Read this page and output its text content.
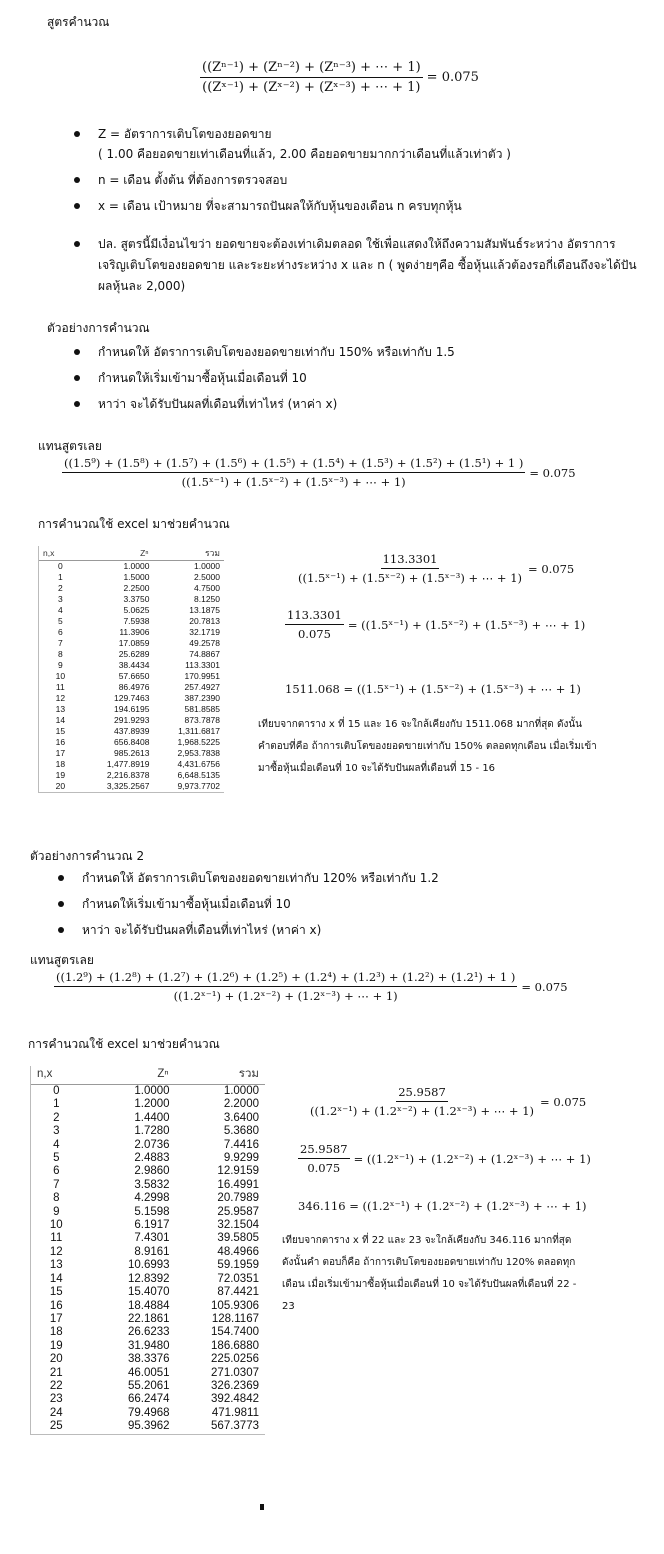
สูตรคำนวณ
$\frac{\text{((Zⁿ⁻¹) + (Zⁿ⁻²) + (Zⁿ⁻³) + ⋯ + 1)}}{\text{((Zˣ⁻¹) + (Zˣ⁻²) + (Zˣ⁻³) + ⋯ + 1)}} = 0.075$
Z = อัตราการเติบโตของยอดขาย
( 1.00 คือยอดขายเท่าเดือนที่แล้ว, 2.00 คือยอดขายมากกว่าเดือนที่แล้วเท่าตัว )
n = เดือน ตั้งต้น ที่ต้องการตรวจสอบ
x = เดือน เป้าหมาย ที่จะสามารถปันผลให้กับหุ้นของเดือน n ครบทุกหุ้น
ปล. สูตรนี้มีเงื่อนไขว่า ยอดขายจะต้องเท่าเดิมตลอด ใช้เพื่อแสดงให้ถึงความสัมพันธ์ระหว่าง อัตราการ
เจริญเติบโตของยอดขาย และระยะห่างระหว่าง x และ n ( พูดง่ายๆคือ ซื้อหุ้นแล้วต้องรอกี่เดือนถึงจะได้ปัน
ผลหุ้นละ 2,000)
ตัวอย่างการคำนวณ
กำหนดให้ อัตราการเติบโตของยอดขายเท่ากับ 150% หรือเท่ากับ 1.5
กำหนดให้เริ่มเข้ามาซื้อหุ้นเมื่อเดือนที่ 10
หาว่า จะได้รับปันผลที่เดือนที่เท่าไหร่ (หาค่า x)
แทนสูตรเลย
((1.5⁹) + (1.5⁸) + (1.5⁷) + (1.5⁶) + (1.5⁵) + (1.5⁴) + (1.5³) + (1.5²) + (1.5¹) + 1 )
((1.5ˣ⁻¹) + (1.5ˣ⁻²) + (1.5ˣ⁻³) + ⋯ + 1)
= 0.075
การคำนวณใช้ excel มาช่วยคำนวณ
n,x	Zⁿ	รวม
0	1.0000	1.0000
1	1.5000	2.5000
2	2.2500	4.7500
3	3.3750	8.1250
4	5.0625	13.1875
5	7.5938	20.7813
6	11.3906	32.1719
7	17.0859	49.2578
8	25.6289	74.8867
9	38.4434	113.3301
10	57.6650	170.9951
11	86.4976	257.4927
12	129.7463	387.2390
13	194.6195	581.8585
14	291.9293	873.7878
15	437.8939	1,311.6817
16	656.8408	1,968.5225
17	985.2613	2,953.7838
18	1,477.8919	4,431.6756
19	2,216.8378	6,648.5135
20	3,325.2567	9,973.7702
$\frac{113.3301}{\text{((1.5ˣ⁻¹) + (1.5ˣ⁻²) + (1.5ˣ⁻³) + ⋯ + 1)}} = 0.075$
$\frac{113.3301}{0.075}$ = ((1.5ˣ⁻¹) + (1.5ˣ⁻²) + (1.5ˣ⁻³) + ⋯ + 1)
1511.068 = ((1.5ˣ⁻¹) + (1.5ˣ⁻²) + (1.5ˣ⁻³) + ⋯ + 1)
เทียบจากตาราง x ที่ 15 และ 16 จะใกล้เคียงกับ 1511.068 มากที่สุด ดังนั้น
คำตอบที่คือ ถ้าการเติบโตของยอดขายเท่ากับ 150% ตลอดทุกเดือน เมื่อเริ่มเข้า
มาซื้อหุ้นเมื่อเดือนที่ 10 จะได้รับปันผลที่เดือนที่ 15 - 16
ตัวอย่างการคำนวณ 2
กำหนดให้ อัตราการเติบโตของยอดขายเท่ากับ 120% หรือเท่ากับ 1.2
กำหนดให้เริ่มเข้ามาซื้อหุ้นเมื่อเดือนที่ 10
หาว่า จะได้รับปันผลที่เดือนที่เท่าไหร่ (หาค่า x)
แทนสูตรเลย
((1.2⁹) + (1.2⁸) + (1.2⁷) + (1.2⁶) + (1.2⁵) + (1.2⁴) + (1.2³) + (1.2²) + (1.2¹) + 1 )
((1.2ˣ⁻¹) + (1.2ˣ⁻²) + (1.2ˣ⁻³) + ⋯ + 1)
= 0.075
การคำนวณใช้ excel มาช่วยคำนวณ
n,x	Zⁿ	รวม
0	1.0000	1.0000
1	1.2000	2.2000
2	1.4400	3.6400
3	1.7280	5.3680
4	2.0736	7.4416
5	2.4883	9.9299
6	2.9860	12.9159
7	3.5832	16.4991
8	4.2998	20.7989
9	5.1598	25.9587
10	6.1917	32.1504
11	7.4301	39.5805
12	8.9161	48.4966
13	10.6993	59.1959
14	12.8392	72.0351
15	15.4070	87.4421
16	18.4884	105.9306
17	22.1861	128.1167
18	26.6233	154.7400
19	31.9480	186.6880
20	38.3376	225.0256
21	46.0051	271.0307
22	55.2061	326.2369
23	66.2474	392.4842
24	79.4968	471.9811
25	95.3962	567.3773
$\frac{25.9587}{\text{((1.2ˣ⁻¹) + (1.2ˣ⁻²) + (1.2ˣ⁻³) + ⋯ + 1)}} = 0.075$
$\frac{25.9587}{0.075}$ = ((1.2ˣ⁻¹) + (1.2ˣ⁻²) + (1.2ˣ⁻³) + ⋯ + 1)
346.116 = ((1.2ˣ⁻¹) + (1.2ˣ⁻²) + (1.2ˣ⁻³) + ⋯ + 1)
เทียบจากตาราง x ที่ 22 และ 23 จะใกล้เคียงกับ 346.116 มากที่สุด
ดังนั้นคำ ตอบก็คือ ถ้าการเติบโตของยอดขายเท่ากับ 120% ตลอดทุก
เดือน เมื่อเริ่มเข้ามาซื้อหุ้นเมื่อเดือนที่ 10 จะได้รับปันผลที่เดือนที่ 22 -
23
